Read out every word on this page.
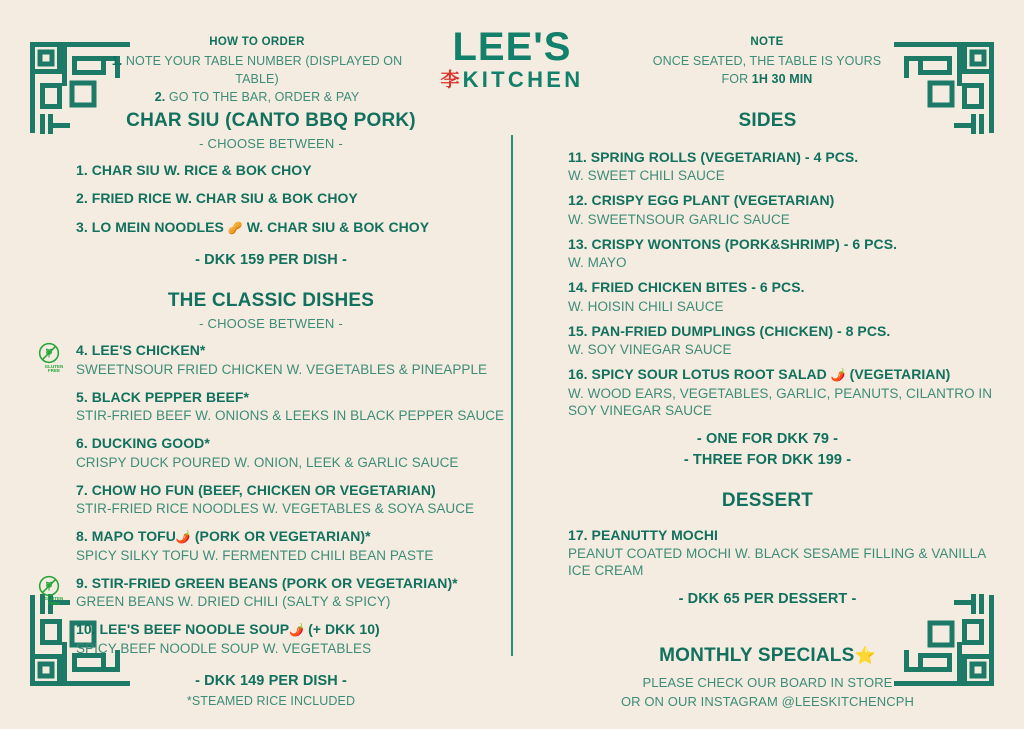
HOW TO ORDER
1. NOTE YOUR TABLE NUMBER (DISPLAYED ON TABLE)
2. GO TO THE BAR, ORDER & PAY
LEE'S
李 KITCHEN
NOTE
ONCE SEATED, THE TABLE IS YOURS
FOR 1H 30 MIN
CHAR SIU (CANTO BBQ PORK)
- CHOOSE BETWEEN -
1. CHAR SIU W. RICE & BOK CHOY
2. FRIED RICE W. CHAR SIU & BOK CHOY
3. LO MEIN NOODLES 🥜 W. CHAR SIU & BOK CHOY
- DKK 159 PER DISH -
THE CLASSIC DISHES
- CHOOSE BETWEEN -
GLUTEN
FREE
4. LEE'S CHICKEN*
SWEETNSOUR FRIED CHICKEN W. VEGETABLES & PINEAPPLE
5. BLACK PEPPER BEEF*
STIR-FRIED BEEF W. ONIONS & LEEKS IN BLACK PEPPER SAUCE
6. DUCKING GOOD*
CRISPY DUCK POURED W. ONION, LEEK & GARLIC SAUCE
7. CHOW HO FUN (BEEF, CHICKEN OR VEGETARIAN)
STIR-FRIED RICE NOODLES W. VEGETABLES & SOYA SAUCE
8. MAPO TOFU🌶️ (PORK OR VEGETARIAN)*
SPICY SILKY TOFU W. FERMENTED CHILI BEAN PASTE
GLUTEN
FREE
9. STIR-FRIED GREEN BEANS (PORK OR VEGETARIAN)*
GREEN BEANS W. DRIED CHILI (SALTY & SPICY)
10. LEE'S BEEF NOODLE SOUP🌶️ (+ DKK 10)
SPICY BEEF NOODLE SOUP W. VEGETABLES
- DKK 149 PER DISH -
*STEAMED RICE INCLUDED
SIDES
11. SPRING ROLLS (VEGETARIAN) - 4 PCS.
W. SWEET CHILI SAUCE
12. CRISPY EGG PLANT (VEGETARIAN)
W. SWEETNSOUR GARLIC SAUCE
13. CRISPY WONTONS (PORK&SHRIMP) - 6 PCS.
W. MAYO
14. FRIED CHICKEN BITES - 6 PCS.
W. HOISIN CHILI SAUCE
15. PAN-FRIED DUMPLINGS (CHICKEN) - 8 PCS.
W. SOY VINEGAR SAUCE
16. SPICY SOUR LOTUS ROOT SALAD 🌶️ (VEGETARIAN)
W. WOOD EARS, VEGETABLES, GARLIC, PEANUTS, CILANTRO IN SOY VINEGAR SAUCE
- ONE FOR DKK 79 -
- THREE FOR DKK 199 -
DESSERT
17. PEANUTTY MOCHI
PEANUT COATED MOCHI W. BLACK SESAME FILLING & VANILLA ICE CREAM
- DKK 65 PER DESSERT -
MONTHLY SPECIALS⭐
PLEASE CHECK OUR BOARD IN STORE
OR ON OUR INSTAGRAM @LEESKITCHENCPH
